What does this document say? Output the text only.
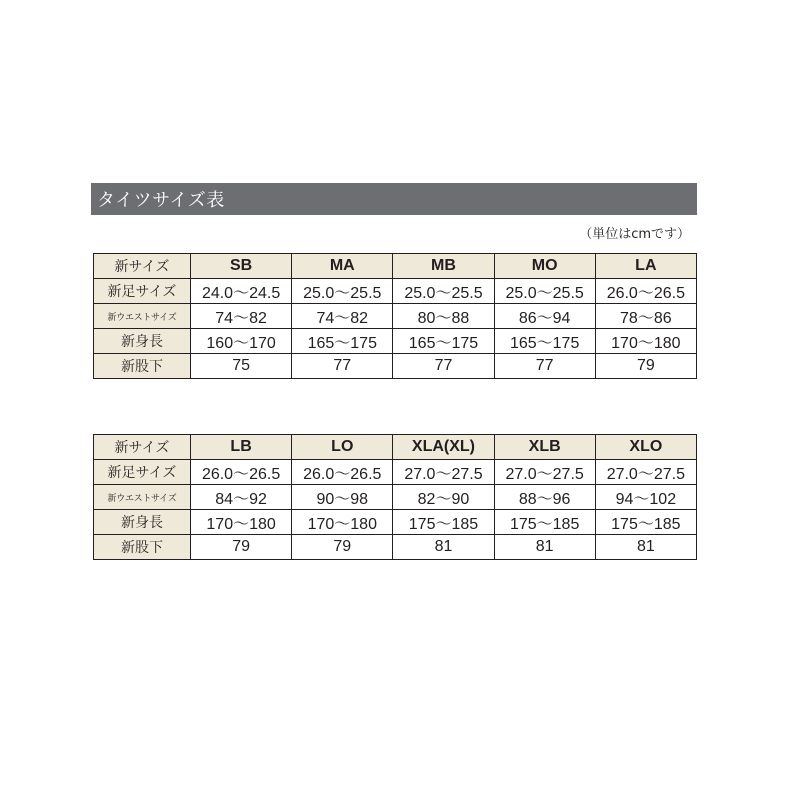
タイツサイズ表
（単位はcmです）
新サイズ	SB	MA	MB	MO	LA
新足サイズ	24.0〜24.5	25.0〜25.5	25.0〜25.5	25.0〜25.5	26.0〜26.5
新ウエストサイズ	74〜82	74〜82	80〜88	86〜94	78〜86
新身長	160〜170	165〜175	165〜175	165〜175	170〜180
新股下	75	77	77	77	79
新サイズ	LB	LO	XLA(XL)	XLB	XLO
新足サイズ	26.0〜26.5	26.0〜26.5	27.0〜27.5	27.0〜27.5	27.0〜27.5
新ウエストサイズ	84〜92	90〜98	82〜90	88〜96	94〜102
新身長	170〜180	170〜180	175〜185	175〜185	175〜185
新股下	79	79	81	81	81
